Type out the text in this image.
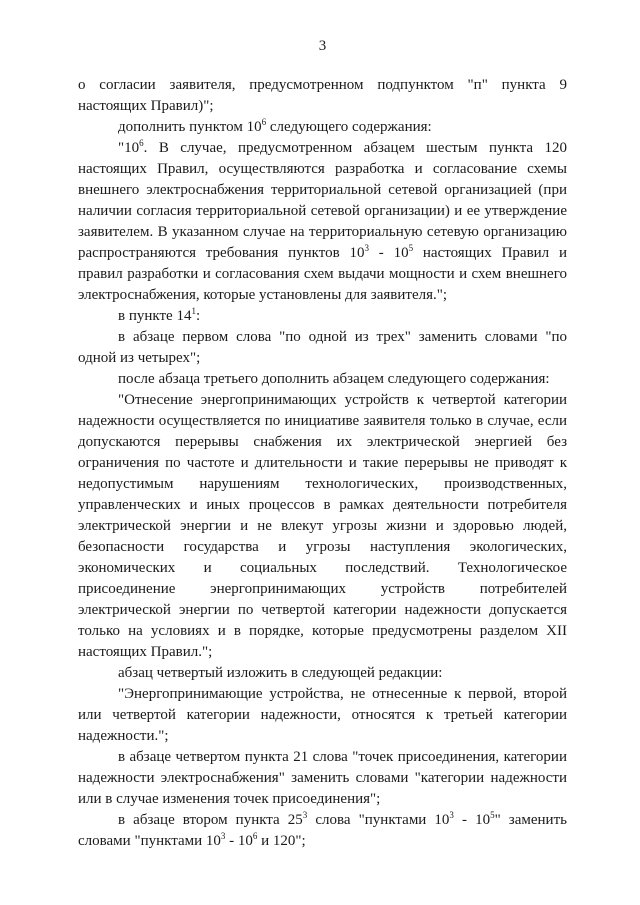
3

о согласии заявителя, предусмотренном подпунктом "п" пункта 9 настоящих Правил)";

дополнить пунктом $10^6$ следующего содержания:

"$10^6$. В случае, предусмотренном абзацем шестым пункта 120 настоящих Правил, осуществляются разработка и согласование схемы внешнего электроснабжения территориальной сетевой организацией (при наличии согласия территориальной сетевой организации) и ее утверждение заявителем. В указанном случае на территориальную сетевую организацию распространяются требования пунктов $10^3 - 10^5$ настоящих Правил и правил разработки и согласования схем выдачи мощности и схем внешнего электроснабжения, которые установлены для заявителя.";

в пункте $14^1$:

в абзаце первом слова "по одной из трех" заменить словами "по одной из четырех";

после абзаца третьего дополнить абзацем следующего содержания:

"Отнесение энергопринимающих устройств к четвертой категории надежности осуществляется по инициативе заявителя только в случае, если допускаются перерывы снабжения их электрической энергией без ограничения по частоте и длительности и такие перерывы не приводят к недопустимым нарушениям технологических, производственных, управленческих и иных процессов в рамках деятельности потребителя электрической энергии и не влекут угрозы жизни и здоровью людей, безопасности государства и угрозы наступления экологических, экономических и социальных последствий. Технологическое присоединение энергопринимающих устройств потребителей электрической энергии по четвертой категории надежности допускается только на условиях и в порядке, которые предусмотрены разделом XII настоящих Правил.";

абзац четвертый изложить в следующей редакции:

"Энергопринимающие устройства, не отнесенные к первой, второй или четвертой категории надежности, относятся к третьей категории надежности.";

в абзаце четвертом пункта 21 слова "точек присоединения, категории надежности электроснабжения" заменить словами "категории надежности или в случае изменения точек присоединения";

в абзаце втором пункта $25^3$ слова "пунктами $10^3 - 10^5$" заменить словами "пунктами $10^3 - 10^6$ и 120";
